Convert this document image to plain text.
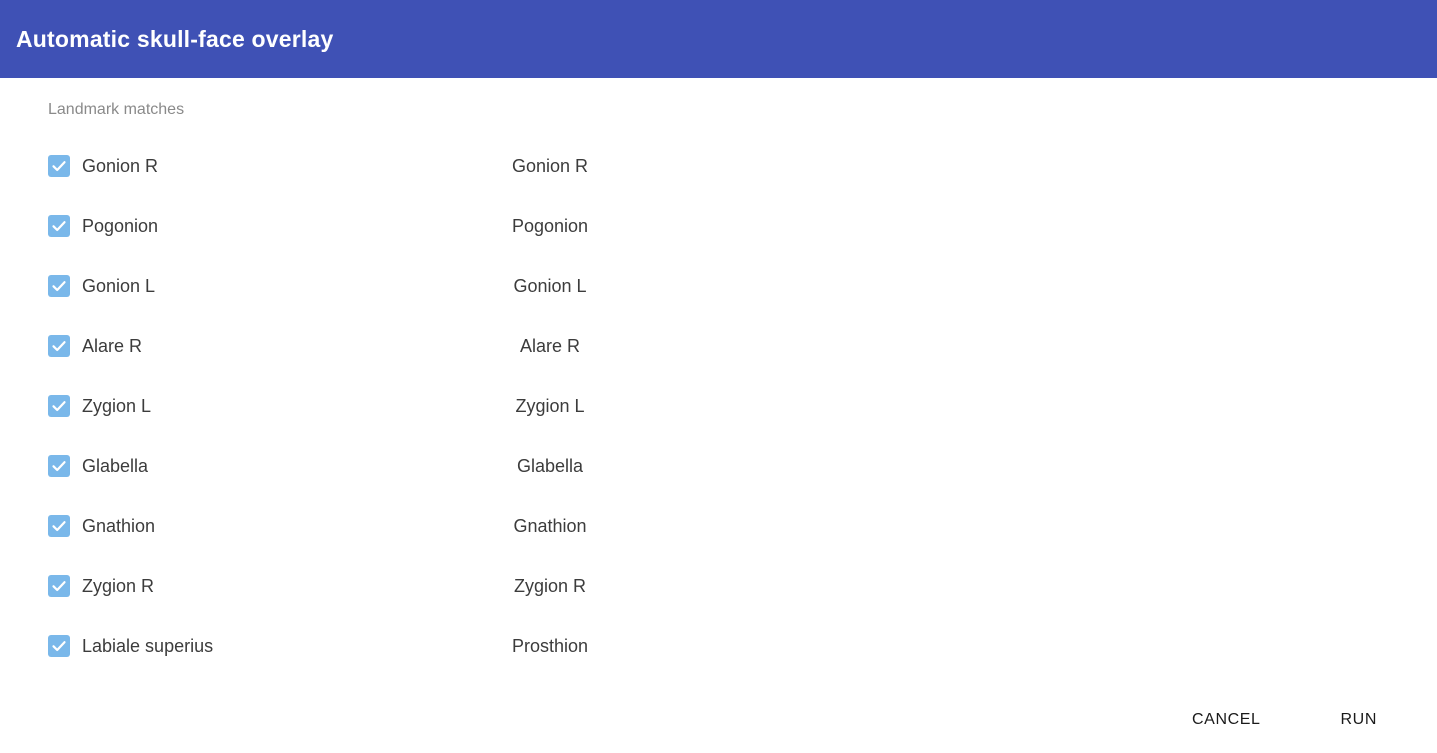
Automatic skull-face overlay
Landmark matches
Gonion R	Gonion R
Pogonion	Pogonion
Gonion L	Gonion L
Alare R	Alare R
Zygion L	Zygion L
Glabella	Glabella
Gnathion	Gnathion
Zygion R	Zygion R
Labiale superius	Prosthion
CANCEL	RUN
